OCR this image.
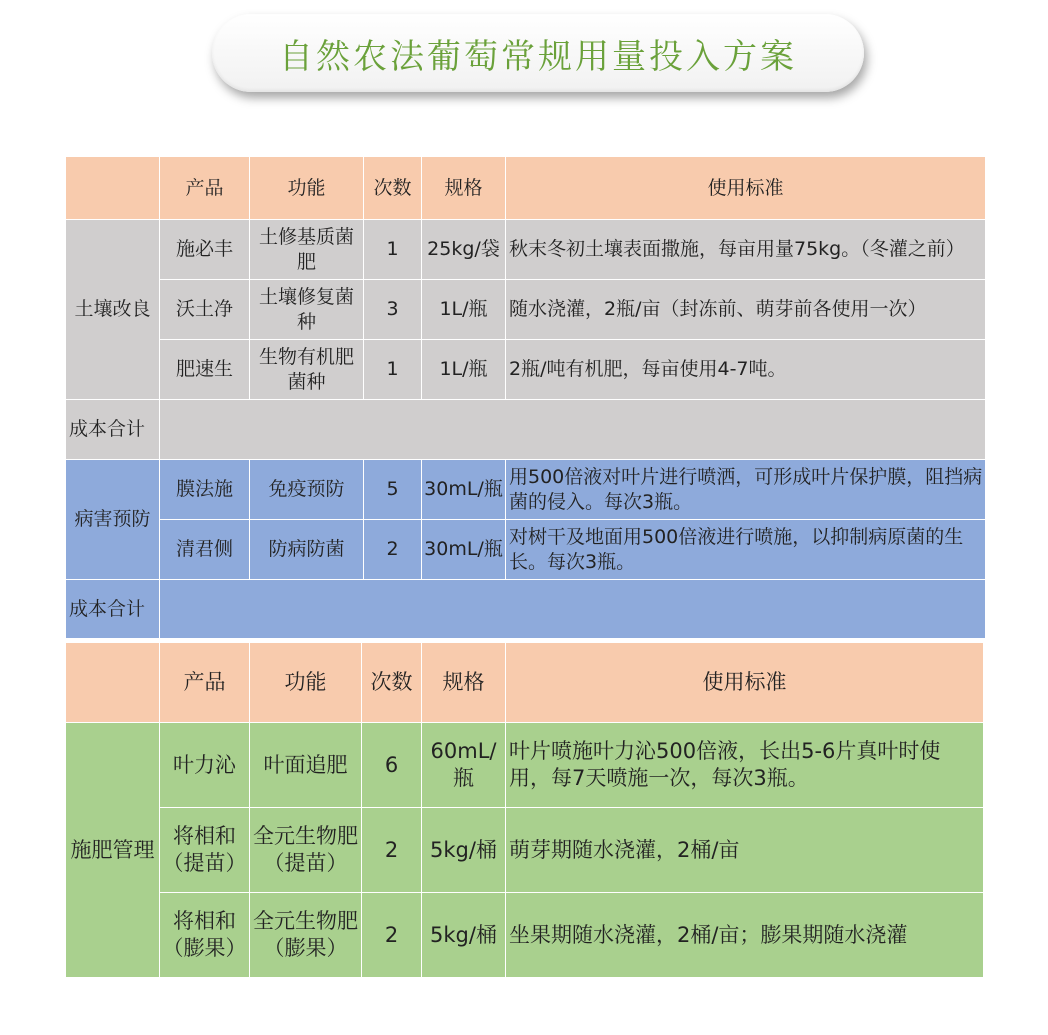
自然农法葡萄常规用量投入方案
	产品	功能	次数	规格	使用标准
土壤改良	施必丰	土修基质菌肥	1	25kg/袋	秋末冬初土壤表面撒施，每亩用量75kg。（冬灌之前）
	沃土净	土壤修复菌种	3	1L/瓶	随水浇灌，2瓶/亩（封冻前、萌芽前各使用一次）
	肥速生	生物有机肥菌种	1	1L/瓶	2瓶/吨有机肥，每亩使用4-7吨。
成本合计					
病害预防	膜法施	免疫预防	5	30mL/瓶	用500倍液对叶片进行喷洒，可形成叶片保护膜，阻挡病菌的侵入。每次3瓶。
	清君侧	防病防菌	2	30mL/瓶	对树干及地面用500倍液进行喷施，以抑制病原菌的生长。每次3瓶。
成本合计					
	产品	功能	次数	规格	使用标准
施肥管理	叶力沁	叶面追肥	6	60mL/瓶	叶片喷施叶力沁500倍液，长出5-6片真叶时使用，每7天喷施一次，每次3瓶。
	将相和（提苗）	全元生物肥（提苗）	2	5kg/桶	萌芽期随水浇灌，2桶/亩
	将相和（膨果）	全元生物肥（膨果）	2	5kg/桶	坐果期随水浇灌，2桶/亩；膨果期随水浇灌
